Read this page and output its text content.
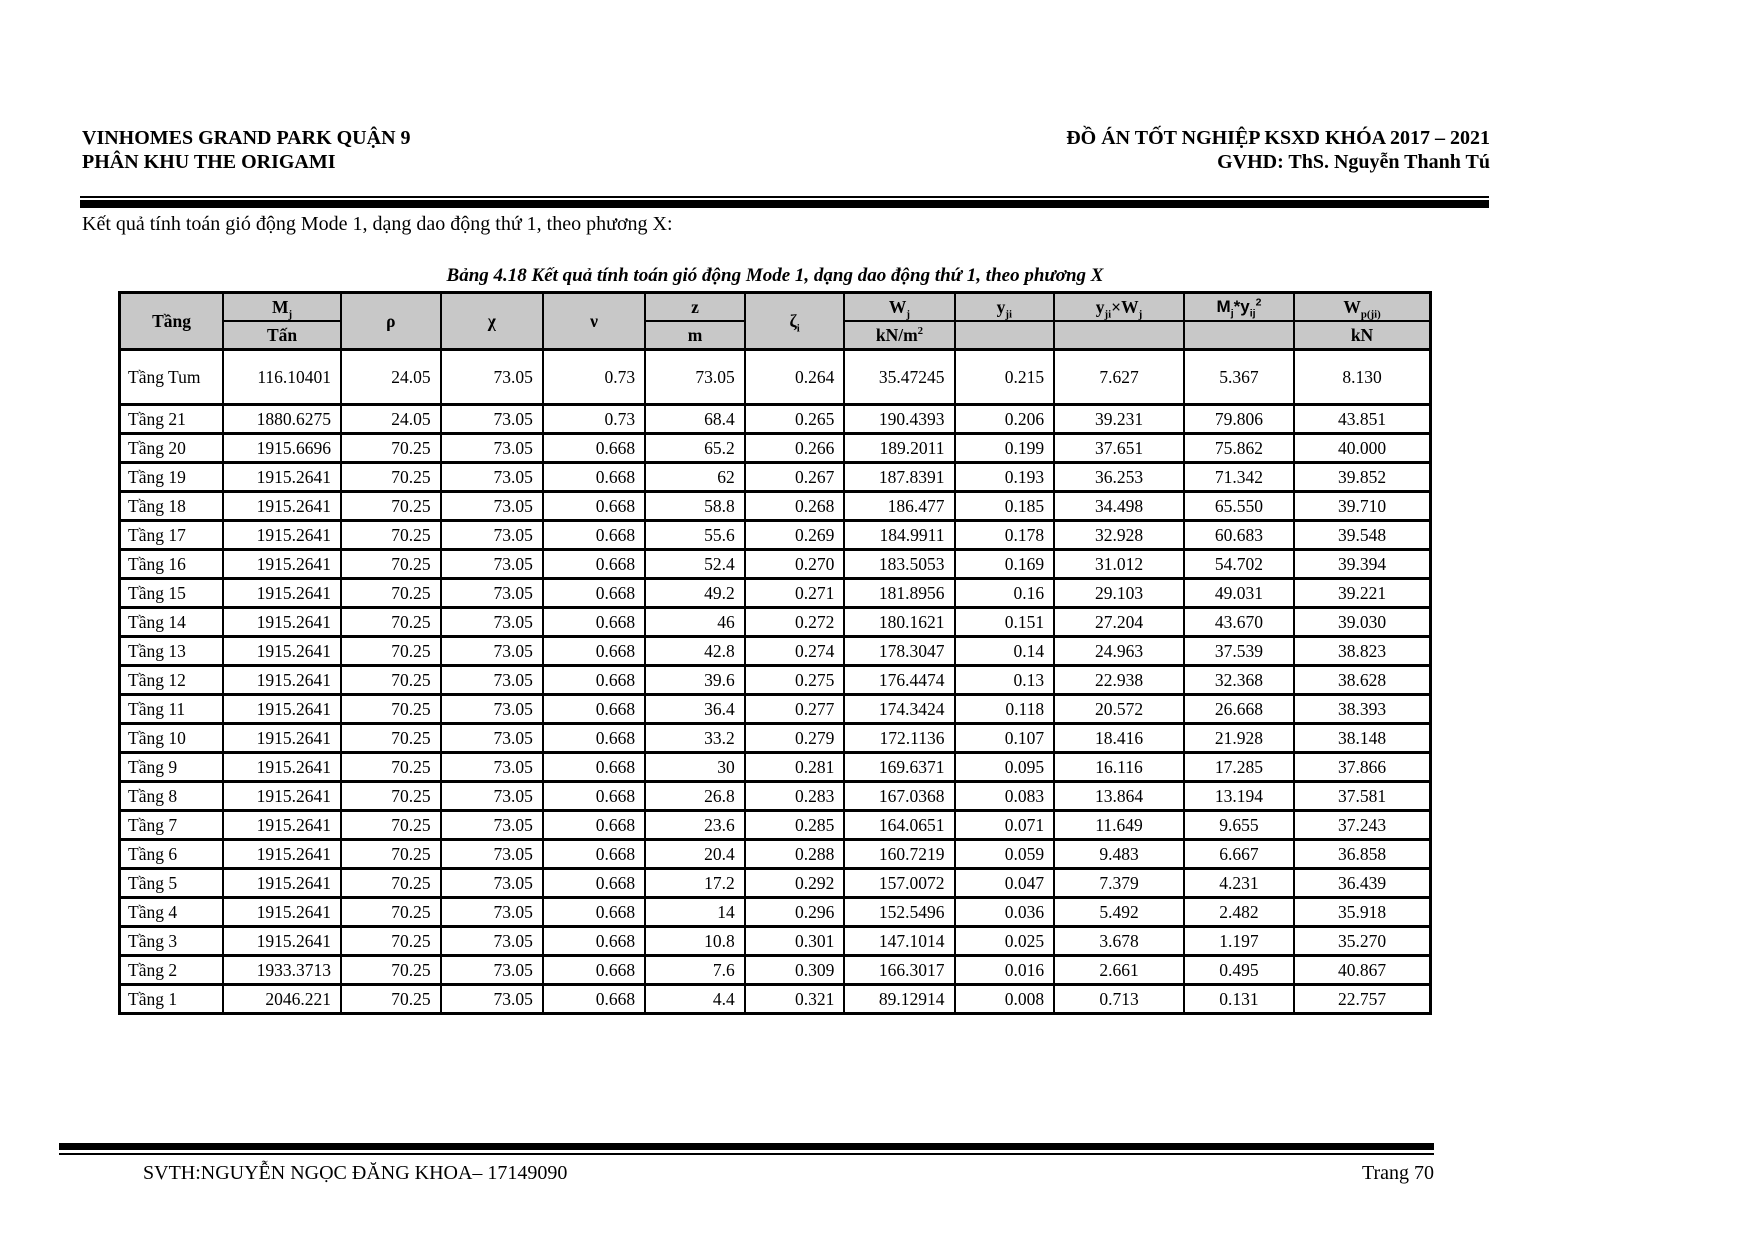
VINHOMES GRAND PARK QUẬN 9
PHÂN KHU THE ORIGAMI
ĐỒ ÁN TỐT NGHIỆP KSXD KHÓA 2017 – 2021
GVHD: ThS. Nguyễn Thanh Tú
Kết quả tính toán gió động Mode 1, dạng dao động thứ 1, theo phương X:
Bảng 4.18 Kết quả tính toán gió động Mode 1, dạng dao động thứ 1, theo phương X
Tầng	$M_j$	ρ	χ	ν	z	$\zeta_i$	$W_j$	$y_{ji}$	$y_{ji}\times W_j$	$M_j*y_{ij}^2$	$W_{p(ji)}$
	Tấn				m		$kN/m^2$				kN
Tầng Tum	116.10401	24.05	73.05	0.73	73.05	0.264	35.47245	0.215	7.627	5.367	8.130
Tầng 21	1880.6275	24.05	73.05	0.73	68.4	0.265	190.4393	0.206	39.231	79.806	43.851
Tầng 20	1915.6696	70.25	73.05	0.668	65.2	0.266	189.2011	0.199	37.651	75.862	40.000
Tầng 19	1915.2641	70.25	73.05	0.668	62	0.267	187.8391	0.193	36.253	71.342	39.852
Tầng 18	1915.2641	70.25	73.05	0.668	58.8	0.268	186.477	0.185	34.498	65.550	39.710
Tầng 17	1915.2641	70.25	73.05	0.668	55.6	0.269	184.9911	0.178	32.928	60.683	39.548
Tầng 16	1915.2641	70.25	73.05	0.668	52.4	0.270	183.5053	0.169	31.012	54.702	39.394
Tầng 15	1915.2641	70.25	73.05	0.668	49.2	0.271	181.8956	0.16	29.103	49.031	39.221
Tầng 14	1915.2641	70.25	73.05	0.668	46	0.272	180.1621	0.151	27.204	43.670	39.030
Tầng 13	1915.2641	70.25	73.05	0.668	42.8	0.274	178.3047	0.14	24.963	37.539	38.823
Tầng 12	1915.2641	70.25	73.05	0.668	39.6	0.275	176.4474	0.13	22.938	32.368	38.628
Tầng 11	1915.2641	70.25	73.05	0.668	36.4	0.277	174.3424	0.118	20.572	26.668	38.393
Tầng 10	1915.2641	70.25	73.05	0.668	33.2	0.279	172.1136	0.107	18.416	21.928	38.148
Tầng 9	1915.2641	70.25	73.05	0.668	30	0.281	169.6371	0.095	16.116	17.285	37.866
Tầng 8	1915.2641	70.25	73.05	0.668	26.8	0.283	167.0368	0.083	13.864	13.194	37.581
Tầng 7	1915.2641	70.25	73.05	0.668	23.6	0.285	164.0651	0.071	11.649	9.655	37.243
Tầng 6	1915.2641	70.25	73.05	0.668	20.4	0.288	160.7219	0.059	9.483	6.667	36.858
Tầng 5	1915.2641	70.25	73.05	0.668	17.2	0.292	157.0072	0.047	7.379	4.231	36.439
Tầng 4	1915.2641	70.25	73.05	0.668	14	0.296	152.5496	0.036	5.492	2.482	35.918
Tầng 3	1915.2641	70.25	73.05	0.668	10.8	0.301	147.1014	0.025	3.678	1.197	35.270
Tầng 2	1933.3713	70.25	73.05	0.668	7.6	0.309	166.3017	0.016	2.661	0.495	40.867
Tầng 1	2046.221	70.25	73.05	0.668	4.4	0.321	89.12914	0.008	0.713	0.131	22.757
SVTH:NGUYỄN NGỌC ĐĂNG KHOA– 17149090	Trang 70
